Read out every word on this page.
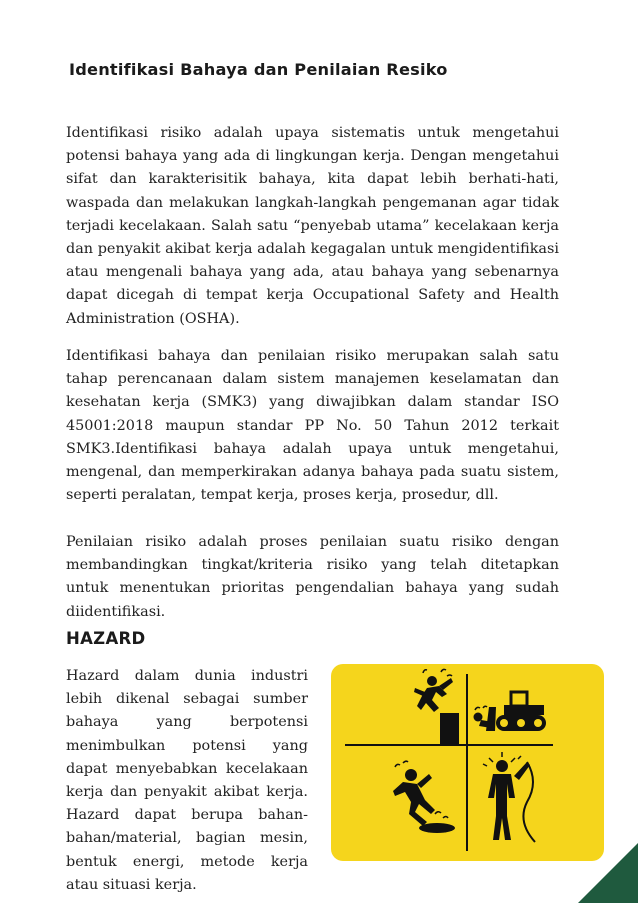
Identifikasi Bahaya dan Penilaian Resiko

Identifikasi risiko adalah upaya sistematis untuk mengetahui potensi bahaya yang ada di lingkungan kerja. Dengan mengetahui sifat dan karakterisitik bahaya, kita dapat lebih berhati-hati, waspada dan melakukan langkah-langkah pengemanan agar tidak terjadi kecelakaan. Salah satu “penyebab utama” kecelakaan kerja dan penyakit akibat kerja adalah kegagalan untuk mengidentifikasi atau mengenali bahaya yang ada, atau bahaya yang sebenarnya dapat dicegah di tempat kerja Occupational Safety and Health Administration (OSHA).

Identifikasi bahaya dan penilaian risiko merupakan salah satu tahap perencanaan dalam sistem manajemen keselamatan dan kesehatan kerja (SMK3) yang diwajibkan dalam standar ISO 45001:2018 maupun standar PP No. 50 Tahun 2012 terkait SMK3.Identifikasi bahaya adalah upaya untuk mengetahui, mengenal, dan memperkirakan adanya bahaya pada suatu sistem, seperti peralatan, tempat kerja, proses kerja, prosedur, dll.

Penilaian risiko adalah proses penilaian suatu risiko dengan membandingkan tingkat/kriteria risiko yang telah ditetapkan untuk menentukan prioritas pengendalian bahaya yang sudah diidentifikasi.

HAZARD

Hazard dalam dunia industri lebih dikenal sebagai sumber bahaya yang berpotensi menimbulkan potensi yang dapat menyebabkan kecelakaan kerja dan penyakit akibat kerja. Hazard dapat berupa bahan-bahan/material, bagian mesin, bentuk energi, metode kerja atau situasi kerja.
